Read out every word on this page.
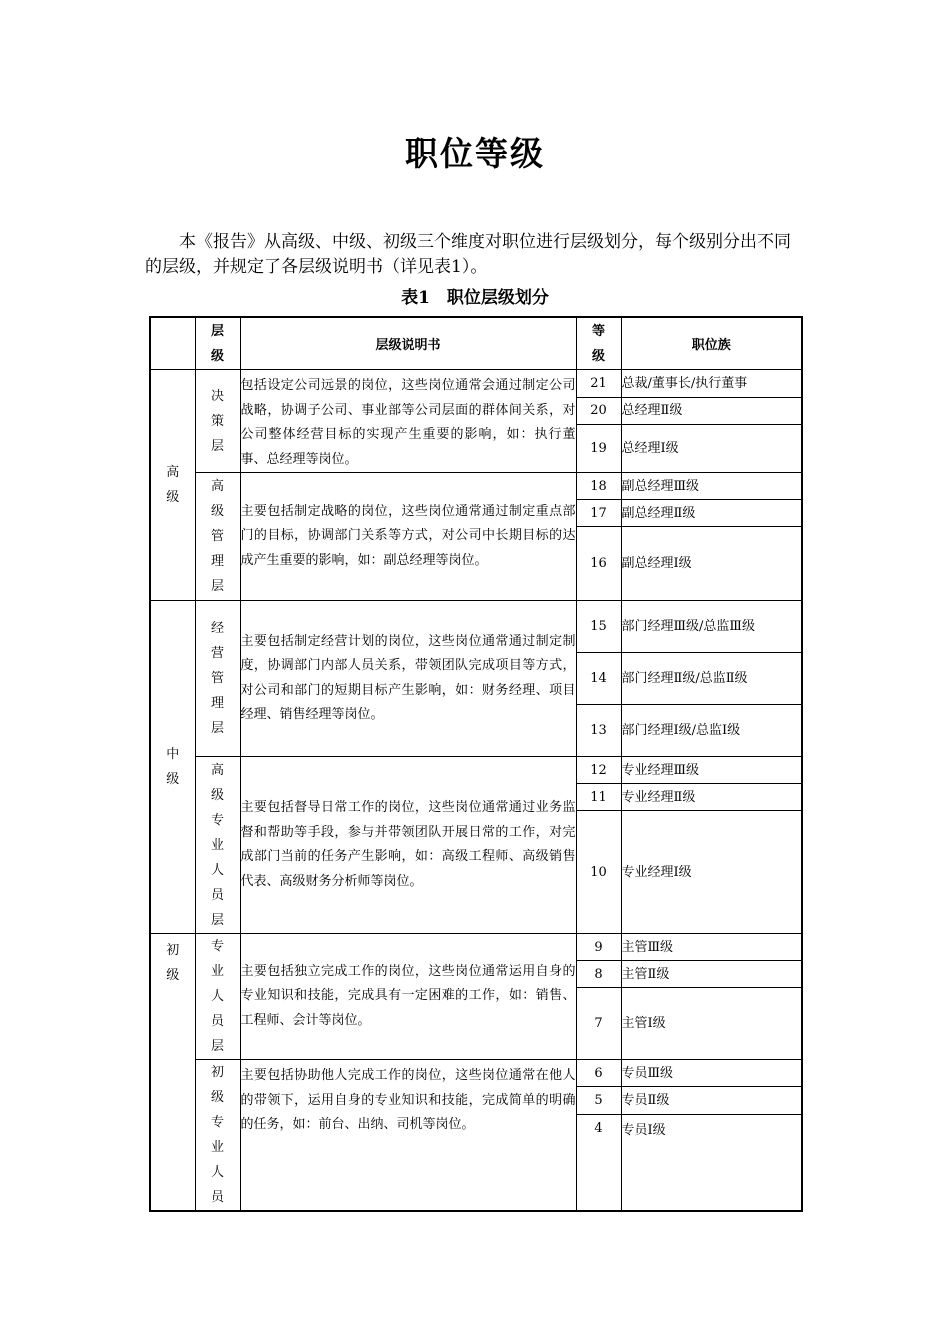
职位等级
本《报告》从高级、中级、初级三个维度对职位进行层级划分，每个级别分出不同的层级，并规定了各层级说明书（详见表1）。
表1　职位层级划分

	层级	层级说明书	等级	职位族

高级	决策层	包括设定公司远景的岗位，这些岗位通常会通过制定公司战略，协调子公司、事业部等公司层面的群体间关系，对公司整体经营目标的实现产生重要的影响，如：执行董事、总经理等岗位。	21	总裁/董事长/执行董事
			20	总经理Ⅱ级
			19	总经理Ⅰ级

	高级管理层	主要包括制定战略的岗位，这些岗位通常通过制定重点部门的目标，协调部门关系等方式，对公司中长期目标的达成产生重要的影响，如：副总经理等岗位。	18	副总经理Ⅲ级
			17	副总经理Ⅱ级
			16	副总经理Ⅰ级

中级	经营管理层	主要包括制定经营计划的岗位，这些岗位通常通过制定制度，协调部门内部人员关系，带领团队完成项目等方式，对公司和部门的短期目标产生影响，如：财务经理、项目经理、销售经理等岗位。	15	部门经理Ⅲ级/总监Ⅲ级
			14	部门经理Ⅱ级/总监Ⅱ级
			13	部门经理Ⅰ级/总监Ⅰ级

	高级专业人员层	主要包括督导日常工作的岗位，这些岗位通常通过业务监督和帮助等手段，参与并带领团队开展日常的工作，对完成部门当前的任务产生影响，如：高级工程师、高级销售代表、高级财务分析师等岗位。	12	专业经理Ⅲ级
			11	专业经理Ⅱ级
			10	专业经理Ⅰ级

初级	专业人员层	主要包括独立完成工作的岗位，这些岗位通常运用自身的专业知识和技能，完成具有一定困难的工作，如：销售、工程师、会计等岗位。	9	主管Ⅲ级
			8	主管Ⅱ级
			7	主管Ⅰ级

	初级专业人员	主要包括协助他人完成工作的岗位，这些岗位通常在他人的带领下，运用自身的专业知识和技能，完成简单的明确的任务，如：前台、出纳、司机等岗位。	6	专员Ⅲ级
			5	专员Ⅱ级
			4	专员Ⅰ级
